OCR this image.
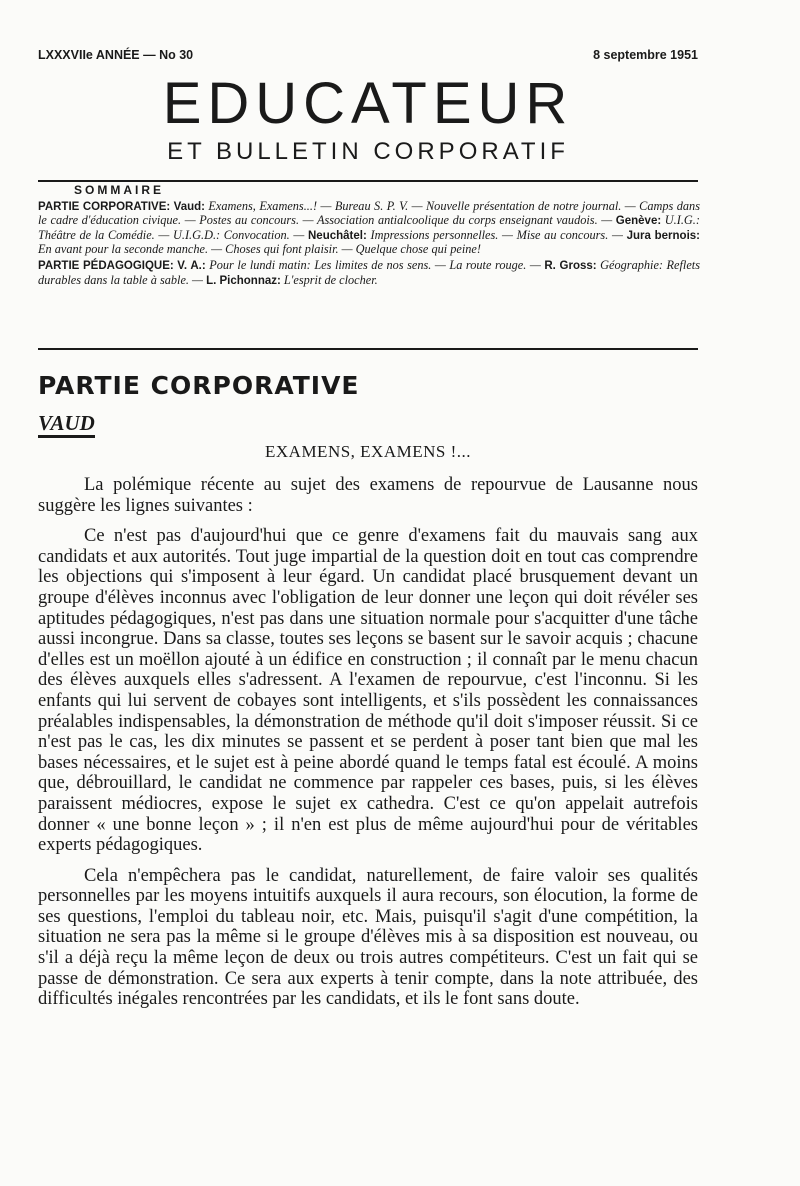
LXXXVIIe ANNÉE — No 30	8 septembre 1951
EDUCATEUR
ET BULLETIN CORPORATIF
SOMMAIRE

PARTIE CORPORATIVE: Vaud: Examens, Examens...! — Bureau S. P. V. — Nouvelle présentation de notre journal. — Camps dans le cadre d'éducation civique. — Postes au concours. — Association antialcoolique du corps enseignant vaudois. — Genève: U.I.G.: Théâtre de la Comédie. — U.I.G.D.: Convocation. — Neuchâtel: Impressions personnelles. — Mise au concours. — Jura bernois: En avant pour la seconde manche. — Choses qui font plaisir. — Quelque chose qui peine!

PARTIE PÉDAGOGIQUE: V. A.: Pour le lundi matin: Les limites de nos sens. — La route rouge. — R. Gross: Géographie: Reflets durables dans la table à sable. — L. Pichonnaz: L'esprit de clocher.

PARTIE CORPORATIVE
VAUD
EXAMENS, EXAMENS !...

La polémique récente au sujet des examens de repourvue de Lausanne nous suggère les lignes suivantes :

Ce n'est pas d'aujourd'hui que ce genre d'examens fait du mauvais sang aux candidats et aux autorités. Tout juge impartial de la question doit en tout cas comprendre les objections qui s'imposent à leur égard. Un candidat placé brusquement devant un groupe d'élèves inconnus avec l'obligation de leur donner une leçon qui doit révéler ses aptitudes pédagogiques, n'est pas dans une situation normale pour s'acquitter d'une tâche aussi incongrue. Dans sa classe, toutes ses leçons se basent sur le savoir acquis ; chacune d'elles est un moëllon ajouté à un édifice en construction ; il connaît par le menu chacun des élèves auxquels elles s'adressent. A l'examen de repourvue, c'est l'inconnu. Si les enfants qui lui servent de cobayes sont intelligents, et s'ils possèdent les connaissances préalables indispensables, la démonstration de méthode qu'il doit s'imposer réussit. Si ce n'est pas le cas, les dix minutes se passent et se perdent à poser tant bien que mal les bases nécessaires, et le sujet est à peine abordé quand le temps fatal est écoulé. A moins que, débrouillard, le candidat ne commence par rappeler ces bases, puis, si les élèves paraissent médiocres, expose le sujet ex cathedra. C'est ce qu'on appelait autrefois donner « une bonne leçon » ; il n'en est plus de même aujourd'hui pour de véritables experts pédagogiques.

Cela n'empêchera pas le candidat, naturellement, de faire valoir ses qualités personnelles par les moyens intuitifs auxquels il aura recours, son élocution, la forme de ses questions, l'emploi du tableau noir, etc. Mais, puisqu'il s'agit d'une compétition, la situation ne sera pas la même si le groupe d'élèves mis à sa disposition est nouveau, ou s'il a déjà reçu la même leçon de deux ou trois autres compétiteurs. C'est un fait qui se passe de démonstration. Ce sera aux experts à tenir compte, dans la note attribuée, des difficultés inégales rencontrées par les candidats, et ils le font sans doute.
